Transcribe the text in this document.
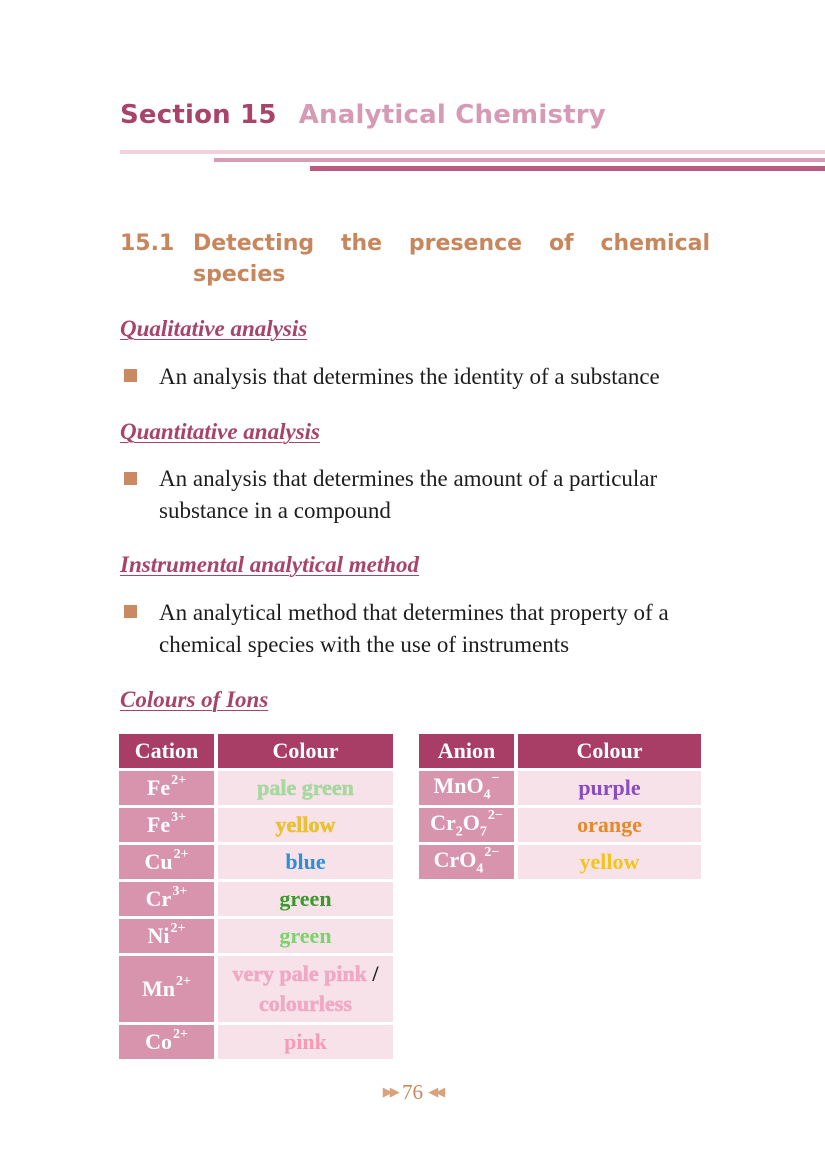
Section 15 Analytical Chemistry
15.1 Detecting the presence of chemical species
Qualitative analysis
An analysis that determines the identity of a substance
Quantitative analysis
An analysis that determines the amount of a particular substance in a compound
Instrumental analytical method
An analytical method that determines that property of a chemical species with the use of instruments
Colours of Ions
Cation	Colour
$Fe^{2+}$	pale green
$Fe^{3+}$	yellow
$Cu^{2+}$	blue
$Cr^{3+}$	green
$Ni^{2+}$	green
$Mn^{2+}$	very pale pink /
colourless
$Co^{2+}$	pink
Anion	Colour
MnO$_4$−	purple
$Cr_2O_7^{2-}$	orange
CrO$_4^{2-}$	yellow
▶▶ 76 ◀◀
